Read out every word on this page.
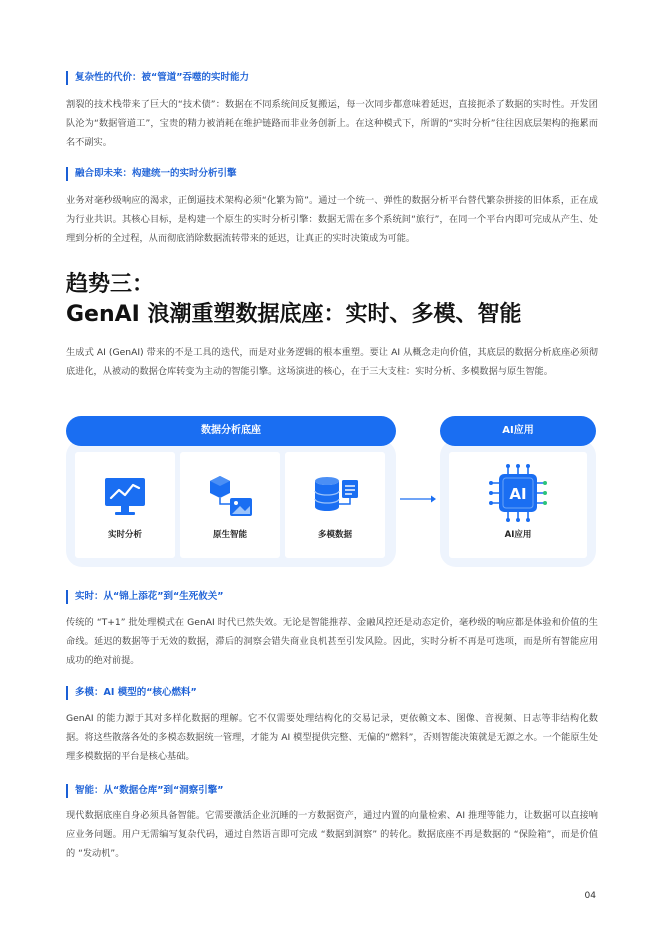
复杂性的代价：被“管道”吞噬的实时能力
割裂的技术栈带来了巨大的“技术债”：数据在不同系统间反复搬运，每一次同步都意味着延迟，直接扼杀了数据的实时性。开发团队沦为“数据管道工”，宝贵的精力被消耗在维护链路而非业务创新上。在这种模式下，所谓的“实时分析”往往因底层架构的拖累而名不副实。
融合即未来：构建统一的实时分析引擎
业务对毫秒级响应的渴求，正倒逼技术架构必须“化繁为简”。通过一个统一、弹性的数据分析平台替代繁杂拼接的旧体系，正在成为行业共识。其核心目标，是构建一个原生的实时分析引擎：数据无需在多个系统间“旅行”，在同一个平台内即可完成从产生、处理到分析的全过程，从而彻底消除数据流转带来的延迟，让真正的实时决策成为可能。
趋势三：
GenAI 浪潮重塑数据底座：实时、多模、智能
生成式 AI (GenAI) 带来的不是工具的迭代，而是对业务逻辑的根本重塑。要让 AI 从概念走向价值，其底层的数据分析底座必须彻底进化，从被动的数据仓库转变为主动的智能引擎。这场演进的核心，在于三大支柱：实时分析、多模数据与原生智能。
数据分析底座	AI应用
实时分析	原生智能	多模数据
AI
AI应用
实时：从“锦上添花”到“生死攸关”
传统的 “T+1” 批处理模式在 GenAI 时代已然失效。无论是智能推荐、金融风控还是动态定价，毫秒级的响应都是体验和价值的生命线。延迟的数据等于无效的数据，滞后的洞察会错失商业良机甚至引发风险。因此，实时分析不再是可选项，而是所有智能应用成功的绝对前提。
多模：AI 模型的“核心燃料”
GenAI 的能力源于其对多样化数据的理解。它不仅需要处理结构化的交易记录，更依赖文本、图像、音视频、日志等非结构化数据。将这些散落各处的多模态数据统一管理，才能为 AI 模型提供完整、无偏的“燃料”，否则智能决策就是无源之水。一个能原生处理多模数据的平台是核心基础。
智能：从“数据仓库”到“洞察引擎”
现代数据底座自身必须具备智能。它需要激活企业沉睡的一方数据资产，通过内置的向量检索、AI 推理等能力，让数据可以直接响应业务问题。用户无需编写复杂代码，通过自然语言即可完成 “数据到洞察” 的转化。数据底座不再是数据的 “保险箱”，而是价值的 “发动机”。
04
